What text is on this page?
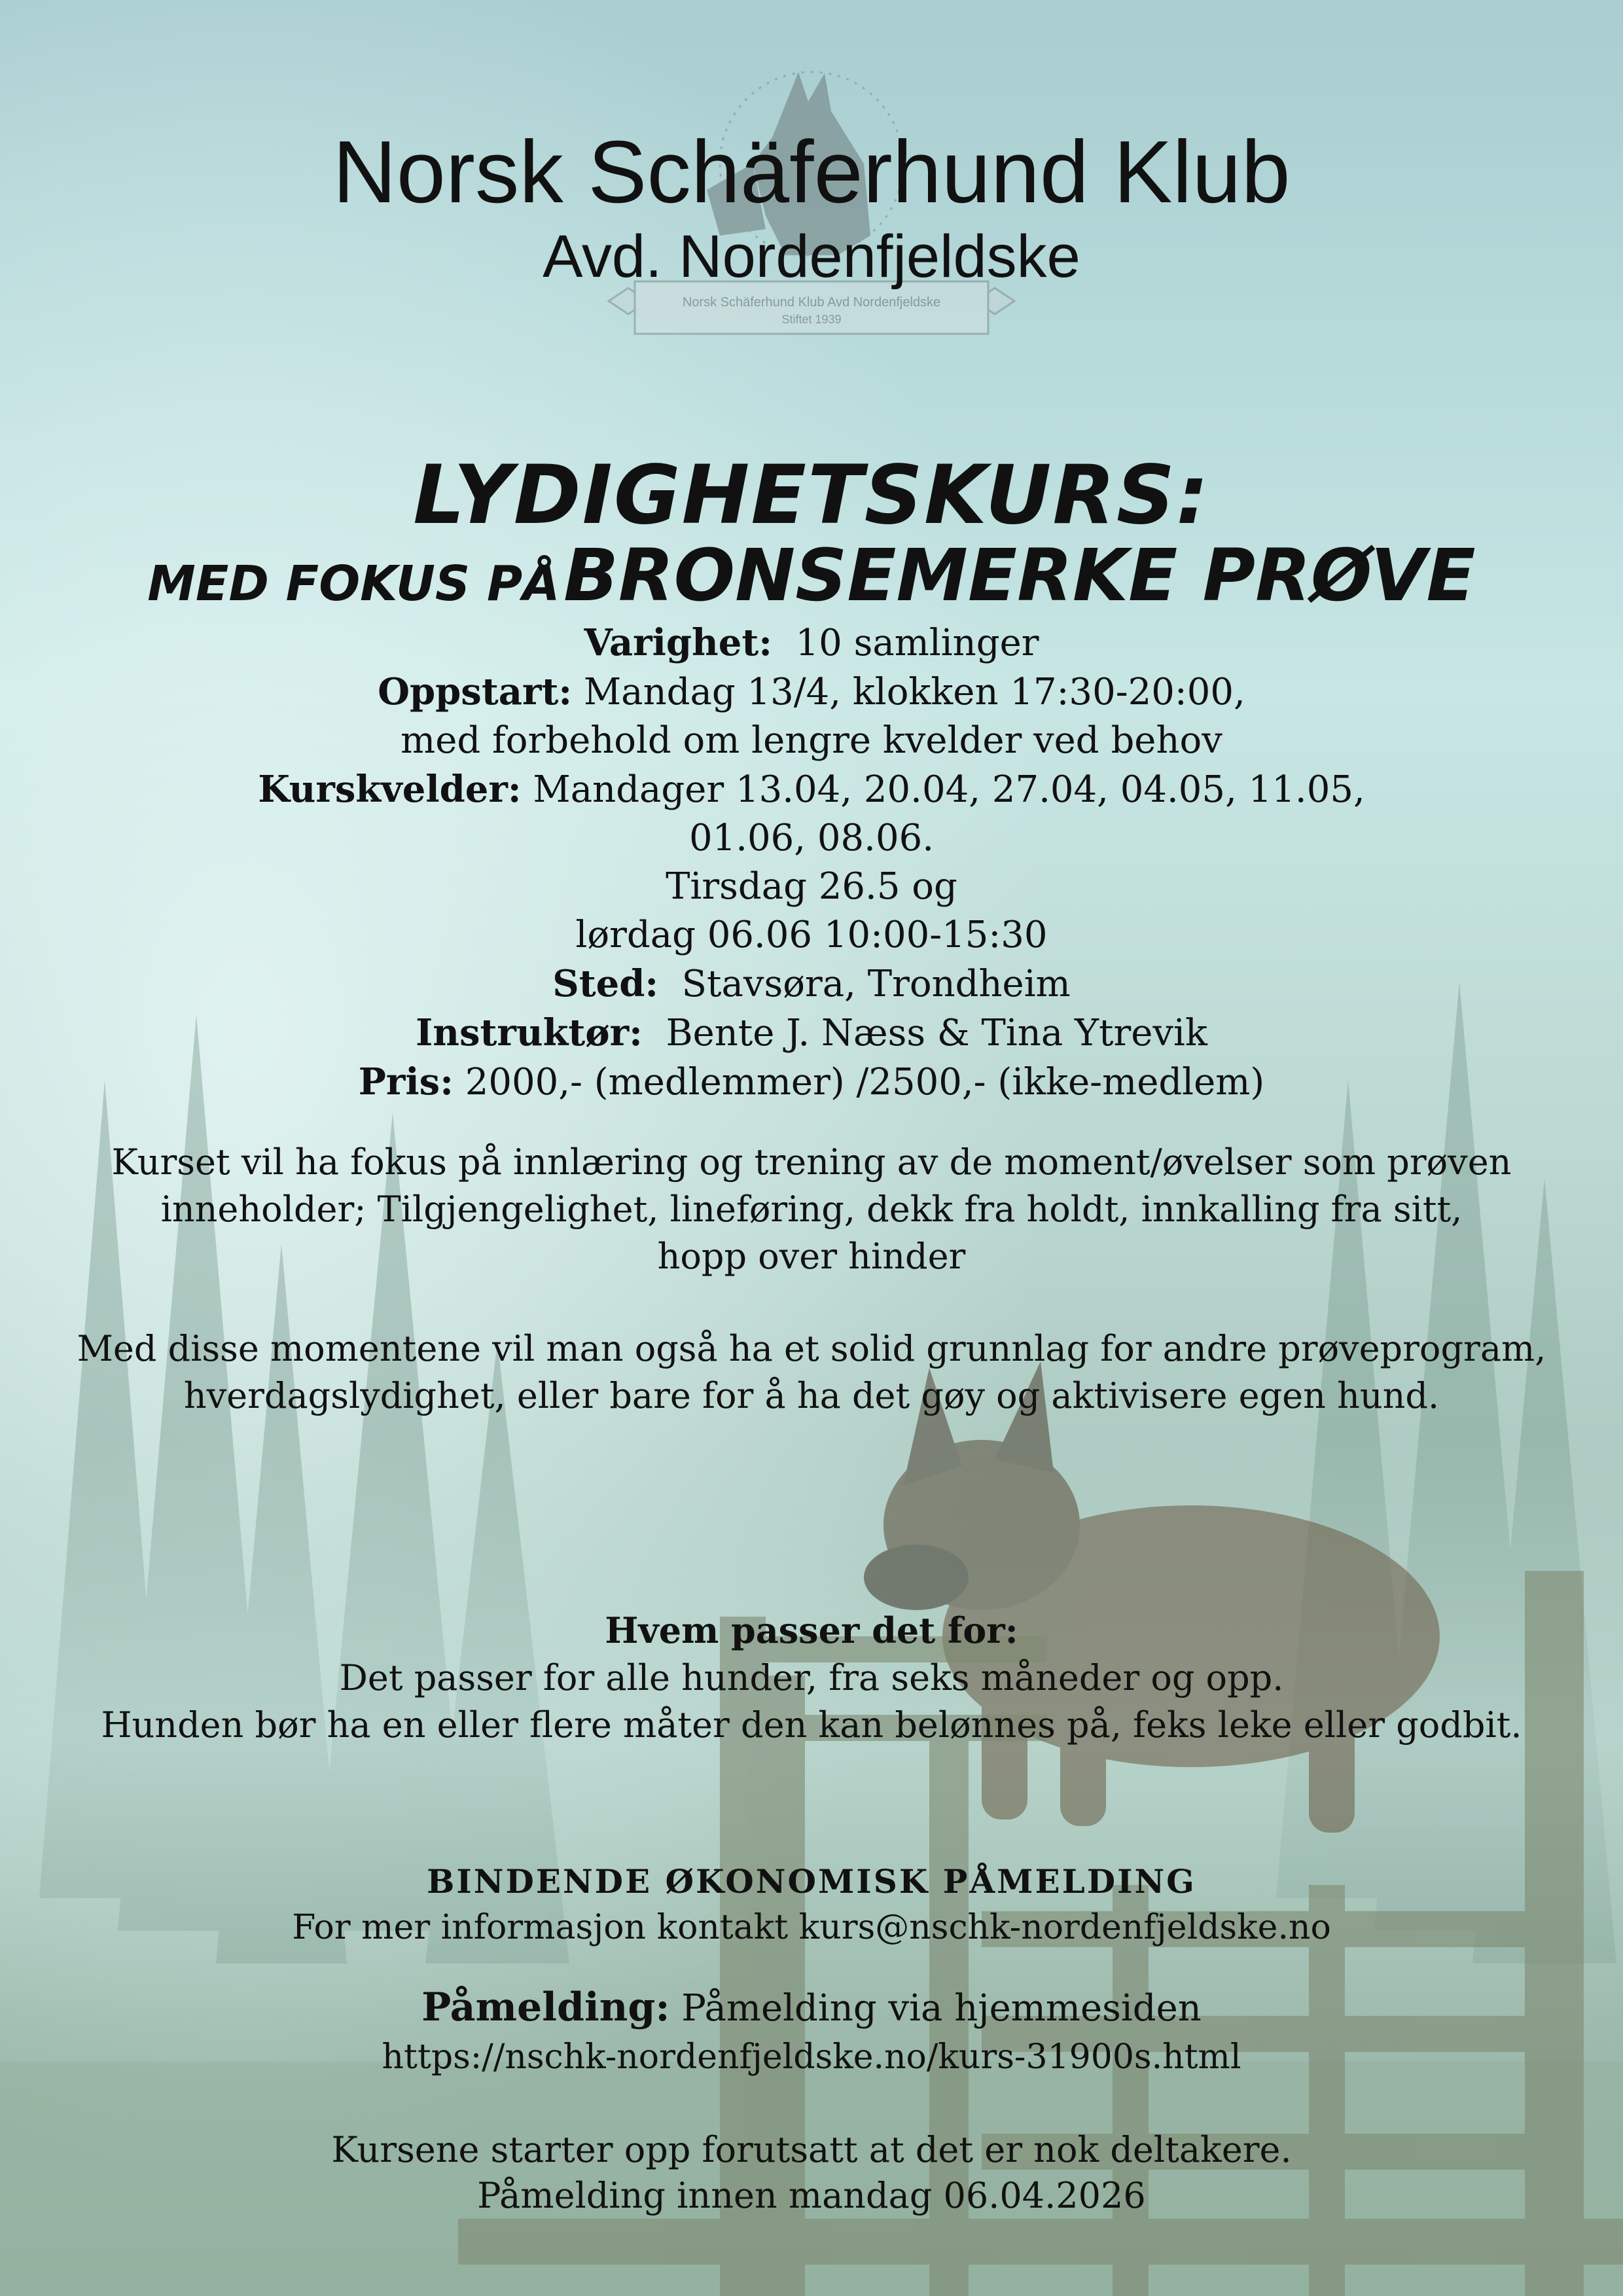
Norsk Schäferhund Klub Avd Nordenfjeldske
Stiftet 1939
Norsk Schäferhund Klub
Avd. Nordenfjeldske
LYDIGHETSKURS:
MED FOKUS PÅ BRONSEMERKE PRØVE
Varighet: 10 samlinger
Oppstart: Mandag 13/4, klokken 17:30-20:00,
med forbehold om lengre kvelder ved behov
Kurskvelder: Mandager 13.04, 20.04, 27.04, 04.05, 11.05,
01.06, 08.06.
Tirsdag 26.5 og
lørdag 06.06 10:00-15:30
Sted: Stavsøra, Trondheim
Instruktør: Bente J. Næss & Tina Ytrevik
Pris: 2000,- (medlemmer) /2500,- (ikke-medlem)
Kurset vil ha fokus på innlæring og trening av de moment/øvelser som prøven
inneholder; Tilgjengelighet, lineføring, dekk fra holdt, innkalling fra sitt,
hopp over hinder
Med disse momentene vil man også ha et solid grunnlag for andre prøveprogram,
hverdagslydighet, eller bare for å ha det gøy og aktivisere egen hund.
Hvem passer det for:
Det passer for alle hunder, fra seks måneder og opp.
Hunden bør ha en eller flere måter den kan belønnes på, feks leke eller godbit.
BINDENDE ØKONOMISK PÅMELDING
For mer informasjon kontakt kurs@nschk-nordenfjeldske.no
Påmelding: Påmelding via hjemmesiden
https://nschk-nordenfjeldske.no/kurs-31900s.html
Kursene starter opp forutsatt at det er nok deltakere.
Påmelding innen mandag 06.04.2026
